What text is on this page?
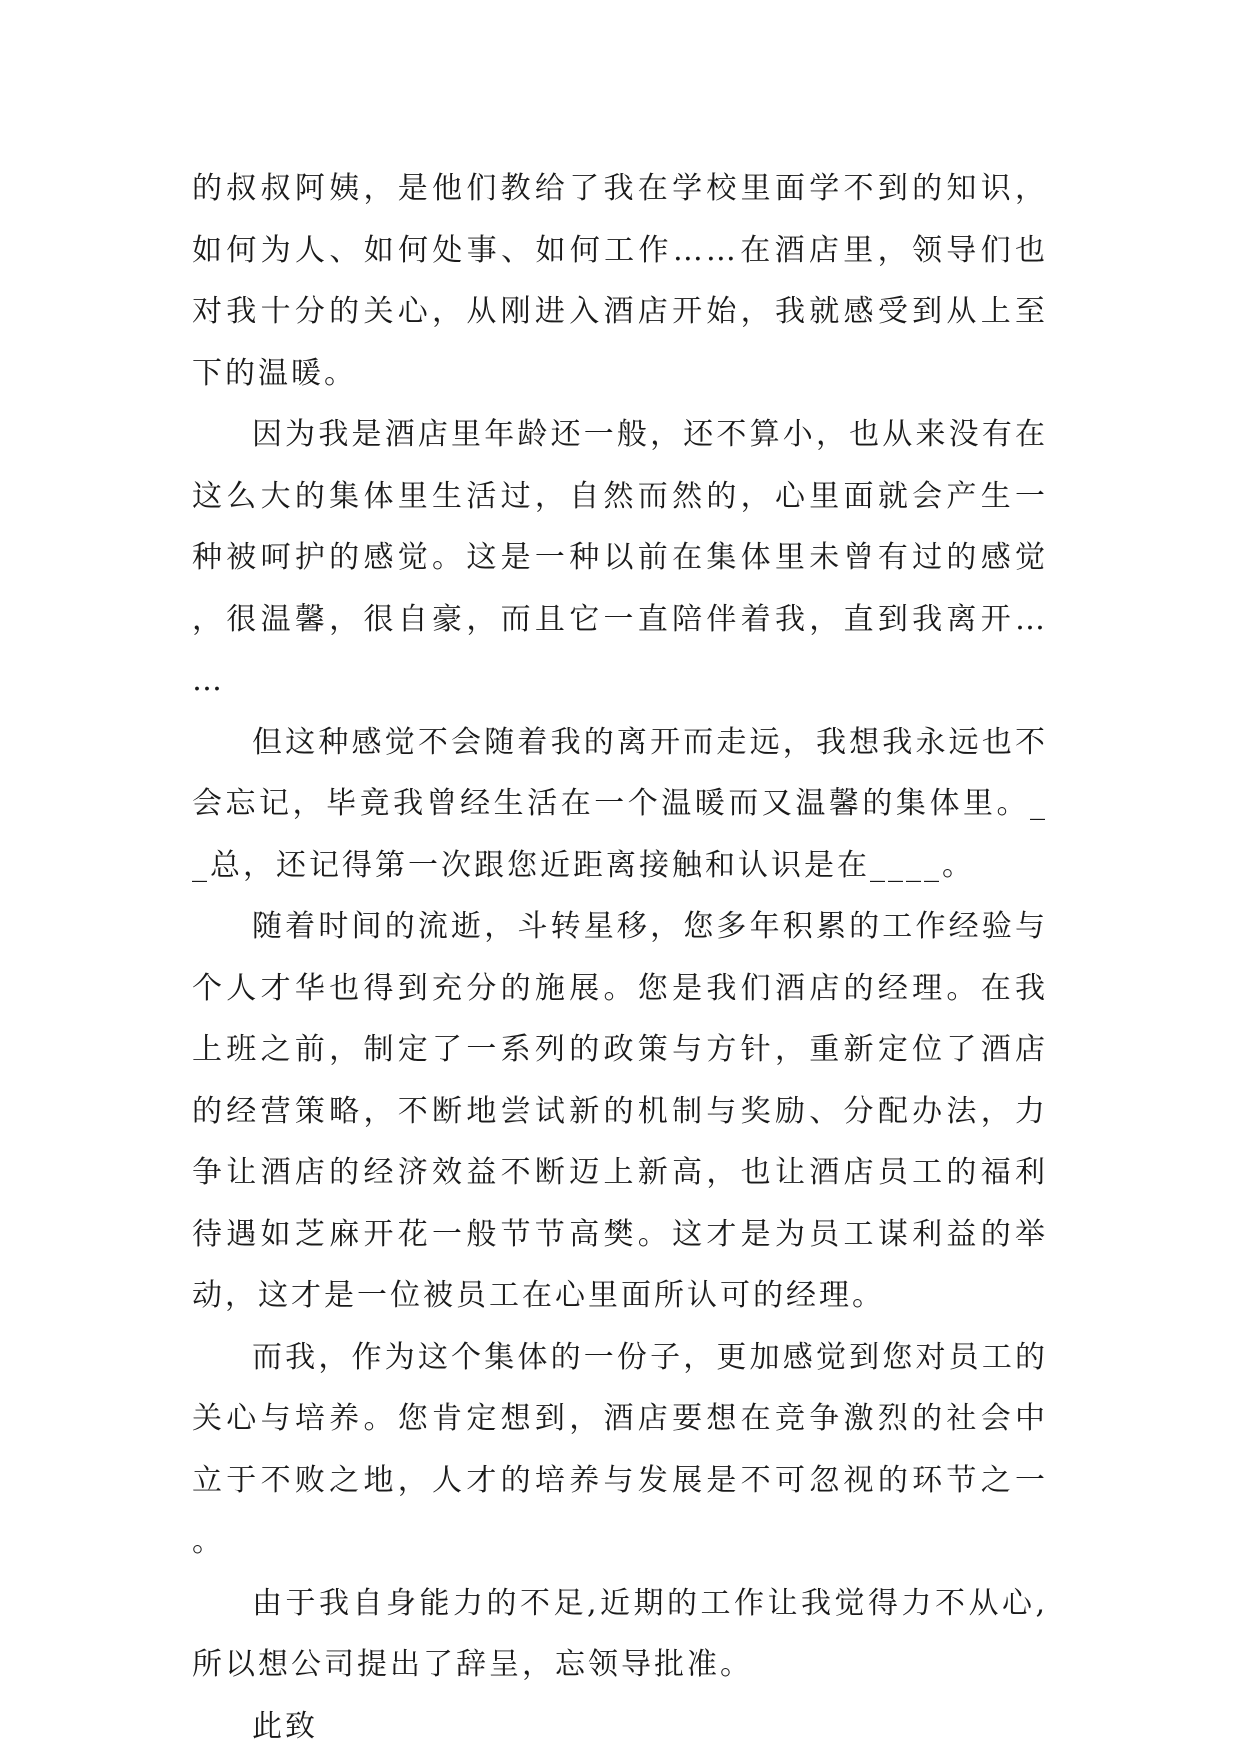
的叔叔阿姨，是他们教给了我在学校里面学不到的知识，如何为人、如何处事、如何工作……在酒店里，领导们也对我十分的关心，从刚进入酒店开始，我就感受到从上至下的温暖。

因为我是酒店里年龄还一般，还不算小，也从来没有在这么大的集体里生活过，自然而然的，心里面就会产生一种被呵护的感觉。这是一种以前在集体里未曾有过的感觉，很温馨，很自豪，而且它一直陪伴着我，直到我离开……

但这种感觉不会随着我的离开而走远，我想我永远也不会忘记，毕竟我曾经生活在一个温暖而又温馨的集体里。__总，还记得第一次跟您近距离接触和认识是在____。

随着时间的流逝，斗转星移，您多年积累的工作经验与个人才华也得到充分的施展。您是我们酒店的经理。在我上班之前，制定了一系列的政策与方针，重新定位了酒店的经营策略，不断地尝试新的机制与奖励、分配办法，力争让酒店的经济效益不断迈上新高，也让酒店员工的福利待遇如芝麻开花一般节节高樊。这才是为员工谋利益的举动，这才是一位被员工在心里面所认可的经理。

而我，作为这个集体的一份子，更加感觉到您对员工的关心与培养。您肯定想到，酒店要想在竞争激烈的社会中立于不败之地，人才的培养与发展是不可忽视的环节之一。

由于我自身能力的不足,近期的工作让我觉得力不从心,所以想公司提出了辞呈，忘领导批准。

此致
